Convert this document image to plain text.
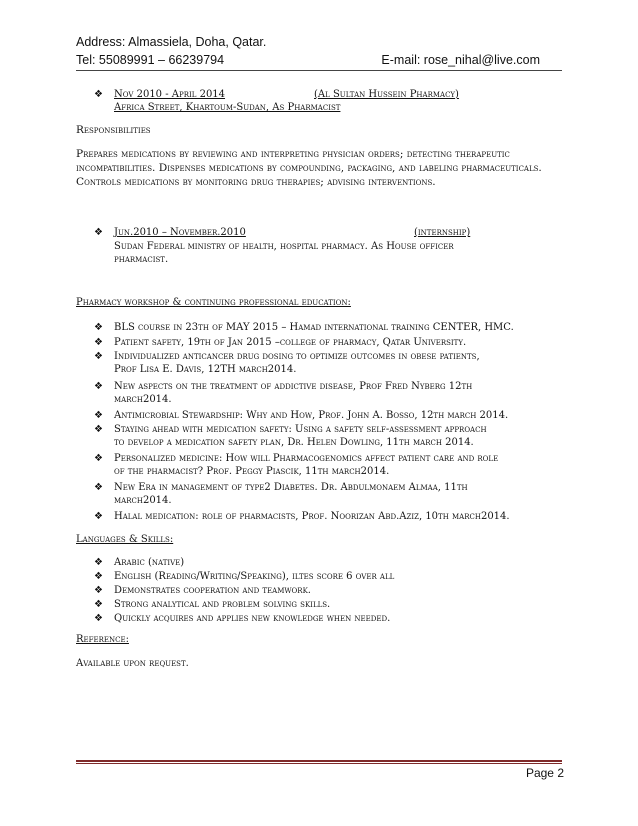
Address: Almassiela, Doha, Qatar.
Tel: 55089991 – 66239794	E-mail: rose_nihal@live.com
❖ Nov 2010 - April 2014	(Al Sultan Hussein Pharmacy)
Africa Street, Khartoum-Sudan, As Pharmacist
Responsibilities
Prepares medications by reviewing and interpreting physician orders; detecting therapeutic incompatibilities. Dispenses medications by compounding, packaging, and labeling pharmaceuticals. Controls medications by monitoring drug therapies; advising interventions.
❖ Jun.2010 – November.2010	(internship)
Sudan Federal ministry of health, hospital pharmacy. As House officer
pharmacist.
Pharmacy workshop & continuing professional education:
❖ BLS course in 23th of MAY 2015 – Hamad international training CENTER, HMC.
❖ Patient safety, 19th of Jan 2015 –college of pharmacy, Qatar University.
❖ Individualized anticancer drug dosing to optimize outcomes in obese patients,
Prof Lisa E. Davis, 12TH march2014.
❖ New aspects on the treatment of addictive disease, Prof Fred Nyberg 12th
march2014.
❖ Antimicrobial Stewardship: Why and How, Prof. John A. Bosso, 12th march 2014.
❖ Staying ahead with medication safety: Using a safety self-assessment approach
to develop a medication safety plan, Dr. Helen Dowling, 11th march 2014.
❖ Personalized medicine: How will Pharmacogenomics affect patient care and role
of the pharmacist? Prof. Peggy Piascik, 11th march2014.
❖ New Era in management of type2 Diabetes. Dr. Abdulmonaem Almaa, 11th
march2014.
❖ Halal medication: role of pharmacists, Prof. Noorizan Abd.Aziz, 10th march2014.
Languages & Skills:
❖ Arabic (native)
❖ English (Reading/Writing/Speaking), iltes score 6 over all
❖ Demonstrates cooperation and teamwork.
❖ Strong analytical and problem solving skills.
❖ Quickly acquires and applies new knowledge when needed.
Reference:
Available upon request.
Page 2
